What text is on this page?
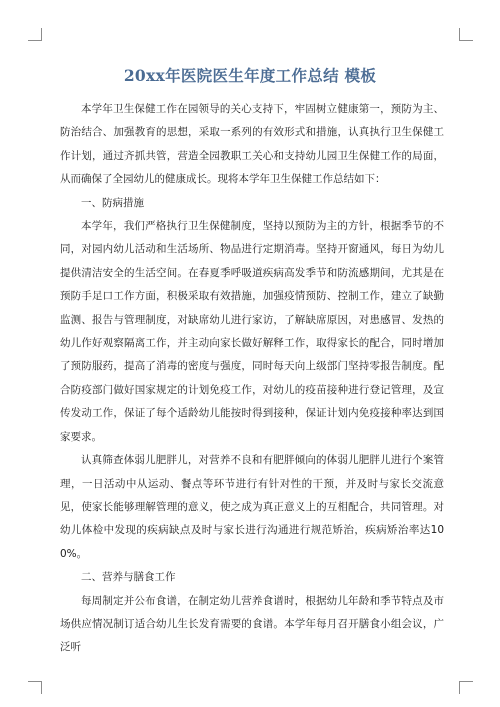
20xx年医院医生年度工作总结 模板

本学年卫生保健工作在园领导的关心支持下，牢固树立健康第一，预防为主、防治结合、加强教育的思想，采取一系列的有效形式和措施，认真执行卫生保健工作计划，通过齐抓共管，营造全园教职工关心和支持幼儿园卫生保健工作的局面，从而确保了全园幼儿的健康成长。现将本学年卫生保健工作总结如下：

一、防病措施

本学年，我们严格执行卫生保健制度，坚持以预防为主的方针，根据季节的不同，对园内幼儿活动和生活场所、物品进行定期消毒。坚持开窗通风，每日为幼儿提供清洁安全的生活空间。在春夏季呼吸道疾病高发季节和防流感期间，尤其是在预防手足口工作方面，积极采取有效措施，加强疫情预防、控制工作，建立了缺勤监测、报告与管理制度，对缺席幼儿进行家访，了解缺席原因，对患感冒、发热的幼儿作好观察隔离工作，并主动向家长做好解释工作，取得家长的配合，同时增加了预防服药，提高了消毒的密度与强度，同时每天向上级部门坚持零报告制度。配合防疫部门做好国家规定的计划免疫工作，对幼儿的疫苗接种进行登记管理，及宣传发动工作，保证了每个适龄幼儿能按时得到接种，保证计划内免疫接种率达到国家要求。

认真筛查体弱儿肥胖儿，对营养不良和有肥胖倾向的体弱儿肥胖儿进行个案管理，一日活动中从运动、餐点等环节进行有针对性的干预，并及时与家长交流意见，使家长能够理解管理的意义，使之成为真正意义上的互相配合，共同管理。对幼儿体检中发现的疾病缺点及时与家长进行沟通进行规范矫治，疾病矫治率达100%。

二、营养与膳食工作

每周制定并公布食谱，在制定幼儿营养食谱时，根据幼儿年龄和季节特点及市场供应情况制订适合幼儿生长发育需要的食谱。本学年每月召开膳食小组会议，广泛听
